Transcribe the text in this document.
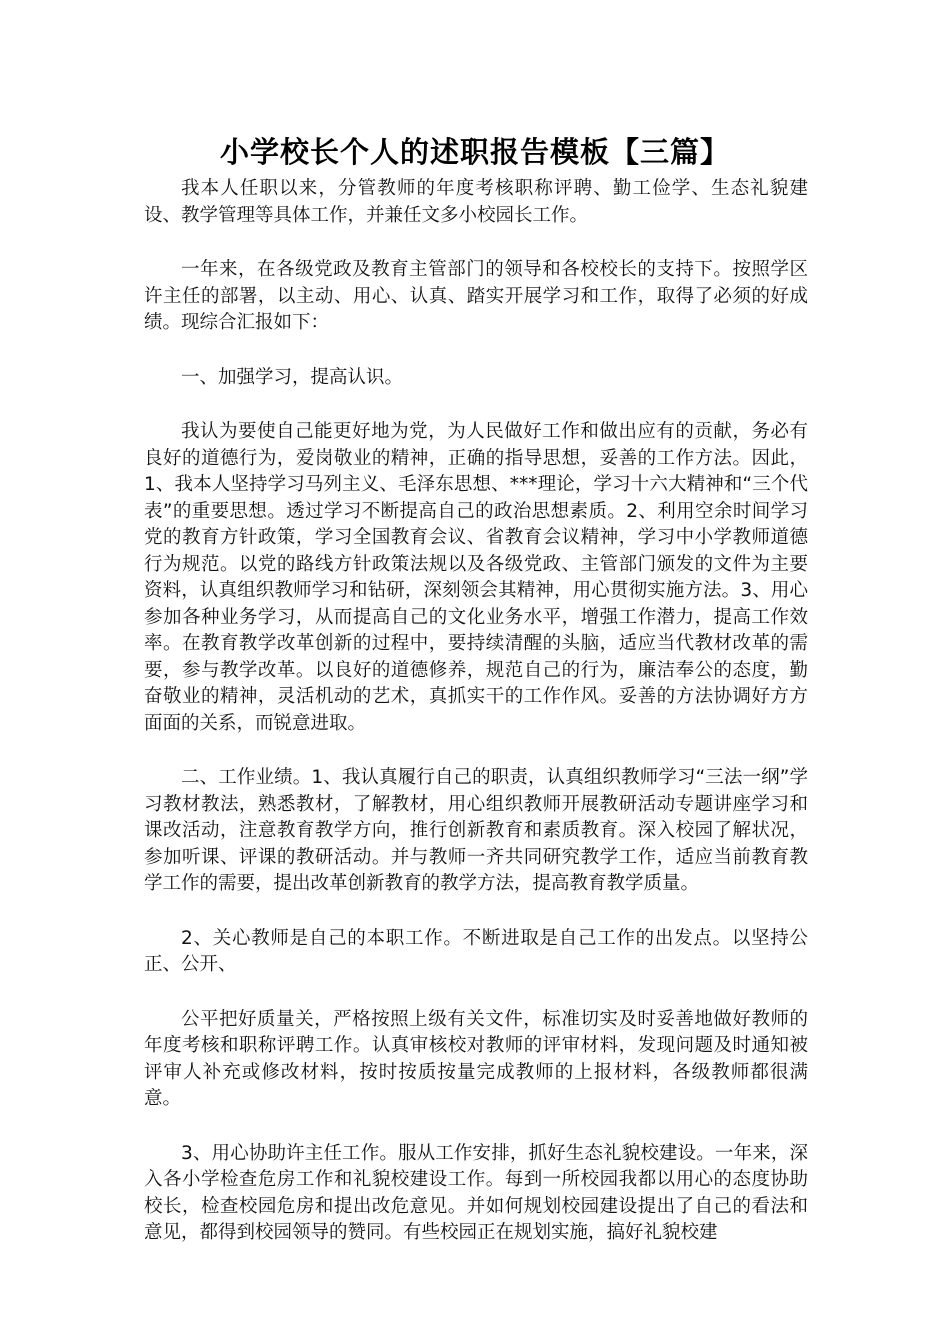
小学校长个人的述职报告模板【三篇】

我本人任职以来，分管教师的年度考核职称评聘、勤工俭学、生态礼貌建设、教学管理等具体工作，并兼任文多小校园长工作。

一年来，在各级党政及教育主管部门的领导和各校校长的支持下。按照学区许主任的部署，以主动、用心、认真、踏实开展学习和工作，取得了必须的好成绩。现综合汇报如下：

一、加强学习，提高认识。

我认为要使自己能更好地为党，为人民做好工作和做出应有的贡献，务必有良好的道德行为，爱岗敬业的精神，正确的指导思想，妥善的工作方法。因此，1、我本人坚持学习马列主义、毛泽东思想、***理论，学习十六大精神和“三个代表”的重要思想。透过学习不断提高自己的政治思想素质。2、利用空余时间学习党的教育方针政策，学习全国教育会议、省教育会议精神，学习中小学教师道德行为规范。以党的路线方针政策法规以及各级党政、主管部门颁发的文件为主要资料，认真组织教师学习和钻研，深刻领会其精神，用心贯彻实施方法。3、用心参加各种业务学习，从而提高自己的文化业务水平，增强工作潜力，提高工作效率。在教育教学改革创新的过程中，要持续清醒的头脑，适应当代教材改革的需要，参与教学改革。以良好的道德修养，规范自己的行为，廉洁奉公的态度，勤奋敬业的精神，灵活机动的艺术，真抓实干的工作作风。妥善的方法协调好方方面面的关系，而锐意进取。

二、工作业绩。1、我认真履行自己的职责，认真组织教师学习“三法一纲”学习教材教法，熟悉教材，了解教材，用心组织教师开展教研活动专题讲座学习和课改活动，注意教育教学方向，推行创新教育和素质教育。深入校园了解状况，参加听课、评课的教研活动。并与教师一齐共同研究教学工作，适应当前教育教学工作的需要，提出改革创新教育的教学方法，提高教育教学质量。

2、关心教师是自己的本职工作。不断进取是自己工作的出发点。以坚持公正、公开、

公平把好质量关，严格按照上级有关文件，标准切实及时妥善地做好教师的年度考核和职称评聘工作。认真审核校对教师的评审材料，发现问题及时通知被评审人补充或修改材料，按时按质按量完成教师的上报材料，各级教师都很满意。

3、用心协助许主任工作。服从工作安排，抓好生态礼貌校建设。一年来，深入各小学检查危房工作和礼貌校建设工作。每到一所校园我都以用心的态度协助校长，检查校园危房和提出改危意见。并如何规划校园建设提出了自己的看法和意见，都得到校园领导的赞同。有些校园正在规划实施，搞好礼貌校建
